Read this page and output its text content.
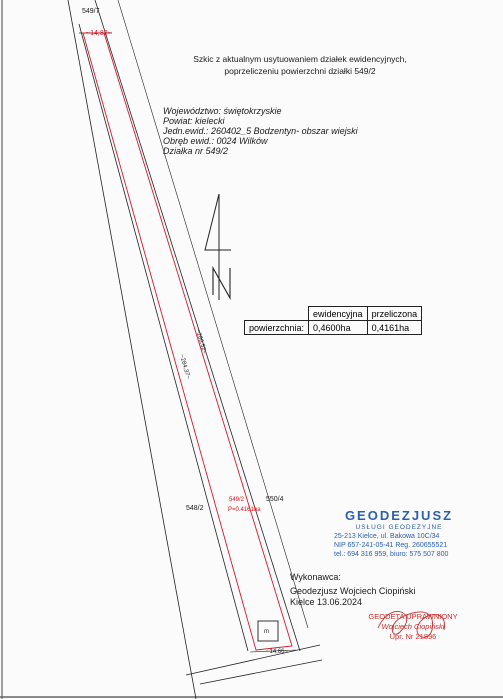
~284,37~
~286,52~
549/7
~14,82~
548/2
550/4
549/2
P=0.4161ha
m
~14,66~
Szkic z aktualnym usytuowaniem działek ewidencyjnych,
poprzeliczeniu powierzchni działki 549/2
Województwo: świętokrzyskie
Powiat: kielecki
Jedn.ewid.: 260402_5 Bodzentyn- obszar wiejski
Obręb ewid.: 0024 Wilków
Działka nr 549/2
	ewidencyjna	przeliczona
powierzchnia:	0,4600ha	0,4161ha
GEODEZJUSZ
USŁUGI GEODEZYJNE
25-213 Kielce, ul. Bakowa 10C/34
NIP 657-241-05-41 Reg. 260655521
tel.: 694 316 959, biuro: 575 507 800
Wykonawca:
Geodezjusz Wojciech Ciopiński
Kielce 13.06.2024
GEODETA UPRAWNIONY
Wojciech Ciopiński
Upr. Nr 21896
